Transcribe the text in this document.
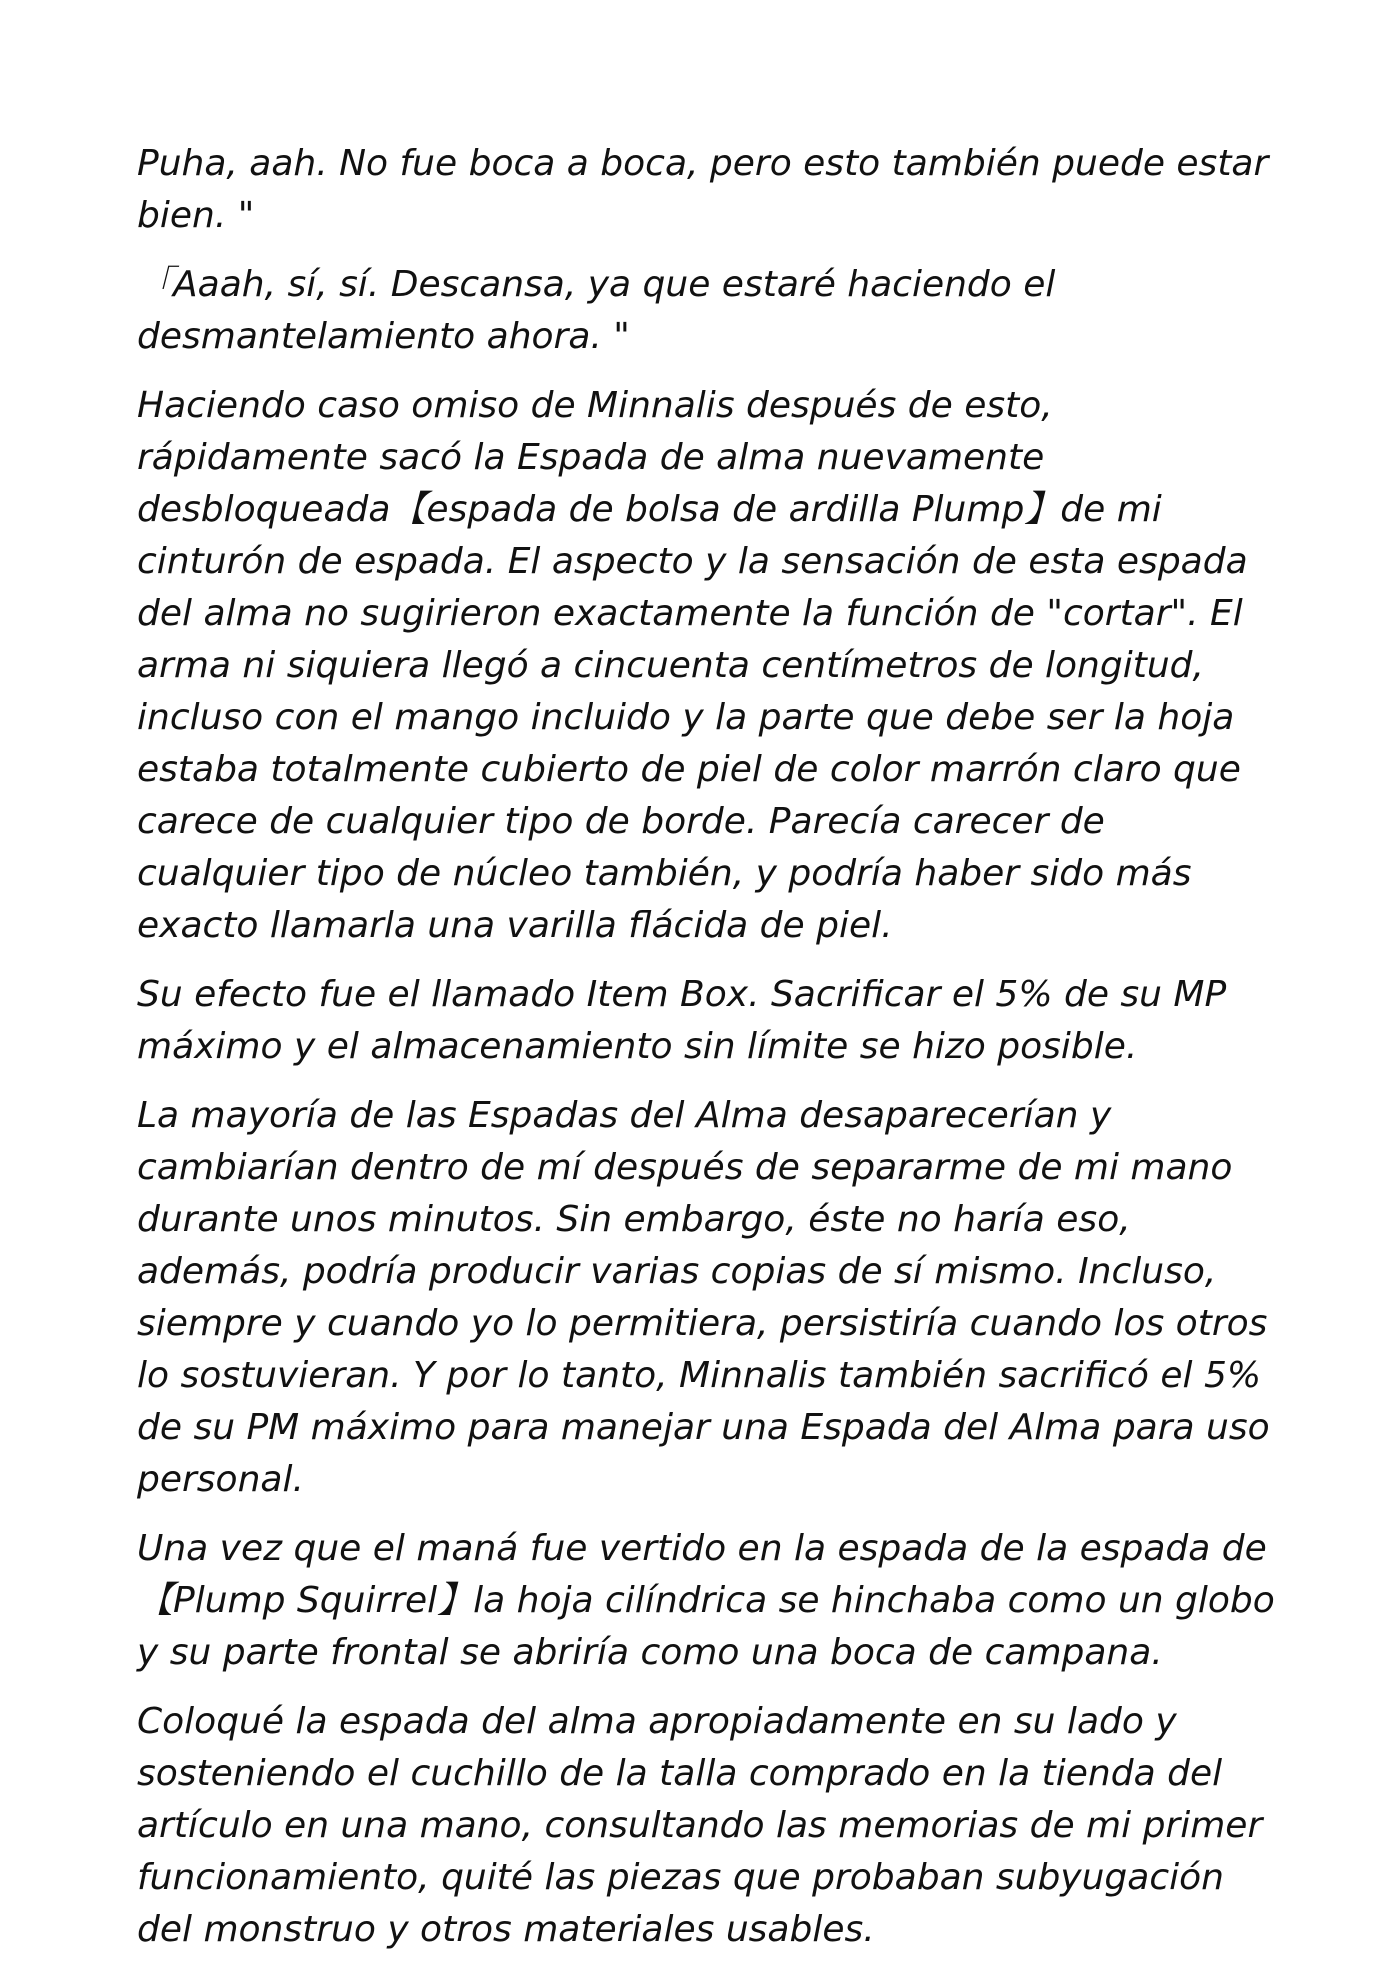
Puha, aah. No fue boca a boca, pero esto también puede estar bien. "

「Aaah, sí, sí. Descansa, ya que estaré haciendo el desmantelamiento ahora. "

Haciendo caso omiso de Minnalis después de esto, rápidamente sacó la Espada de alma nuevamente desbloqueada【espada de bolsa de ardilla Plump】de mi cinturón de espada. El aspecto y la sensación de esta espada del alma no sugirieron exactamente la función de "cortar". El arma ni siquiera llegó a cincuenta centímetros de longitud, incluso con el mango incluido y la parte que debe ser la hoja estaba totalmente cubierto de piel de color marrón claro que carece de cualquier tipo de borde. Parecía carecer de cualquier tipo de núcleo también, y podría haber sido más exacto llamarla una varilla flácida de piel.

Su efecto fue el llamado Item Box. Sacrificar el 5% de su MP máximo y el almacenamiento sin límite se hizo posible.

La mayoría de las Espadas del Alma desaparecerían y cambiarían dentro de mí después de separarme de mi mano durante unos minutos. Sin embargo, éste no haría eso, además, podría producir varias copias de sí mismo. Incluso, siempre y cuando yo lo permitiera, persistiría cuando los otros lo sostuvieran. Y por lo tanto, Minnalis también sacrificó el 5% de su PM máximo para manejar una Espada del Alma para uso personal.

Una vez que el maná fue vertido en la espada de la espada de【Plump Squirrel】la hoja cilíndrica se hinchaba como un globo y su parte frontal se abriría como una boca de campana.

Coloqué la espada del alma apropiadamente en su lado y sosteniendo el cuchillo de la talla comprado en la tienda del artículo en una mano, consultando las memorias de mi primer funcionamiento, quité las piezas que probaban subyugación del monstruo y otros materiales usables.
